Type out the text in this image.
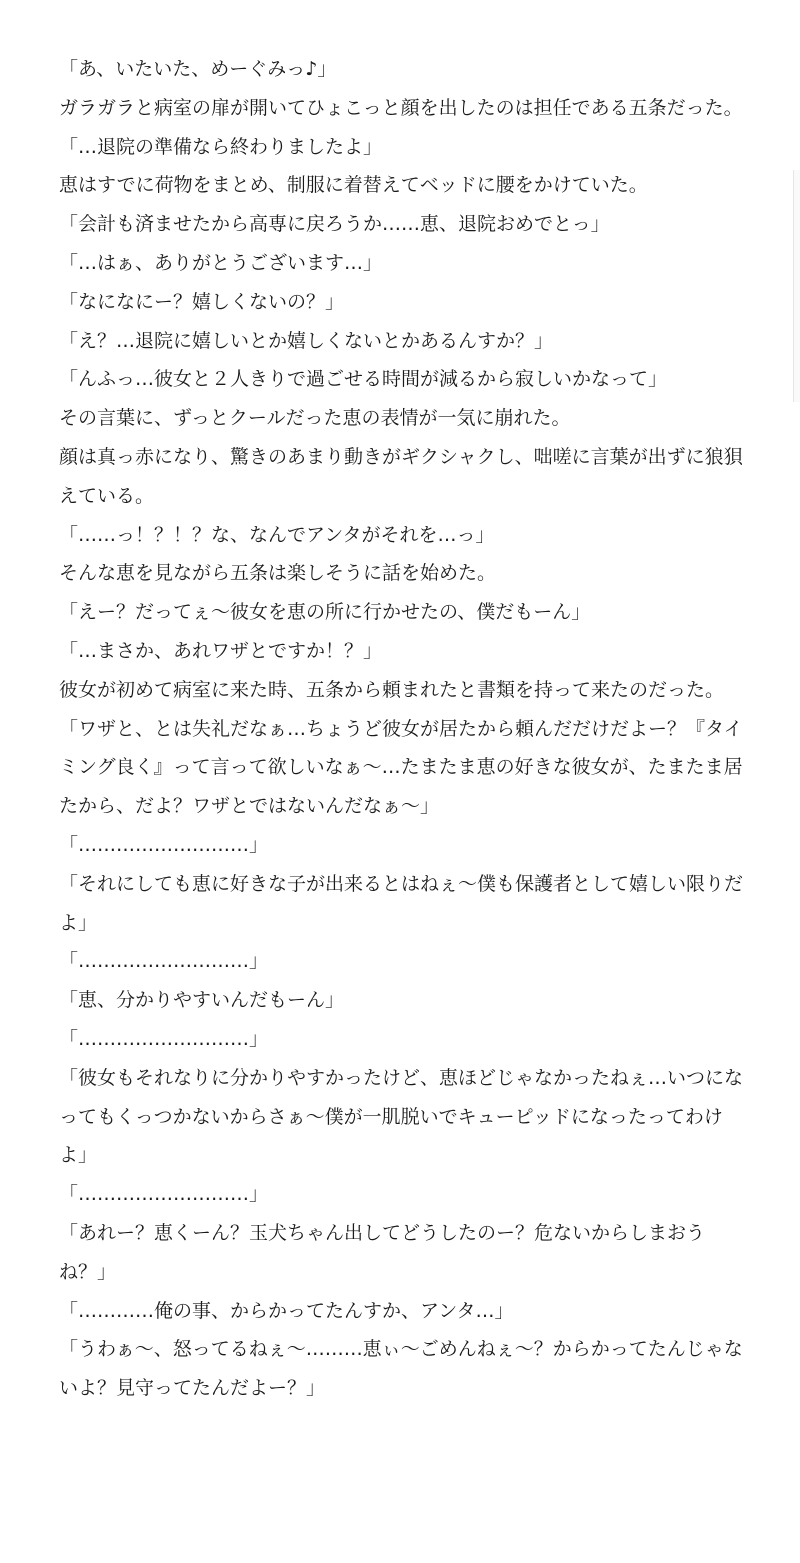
「あ、いたいた、めーぐみっ♪」

ガラガラと病室の扉が開いてひょこっと顔を出したのは担任である五条だった。

「…退院の準備なら終わりましたよ」

恵はすでに荷物をまとめ、制服に着替えてベッドに腰をかけていた。

「会計も済ませたから高専に戻ろうか……恵、退院おめでとっ」

「…はぁ、ありがとうございます…」

「なになにー？嬉しくないの？」

「え？…退院に嬉しいとか嬉しくないとかあるんすか？」

「んふっ…彼女と２人きりで過ごせる時間が減るから寂しいかなって」

その言葉に、ずっとクールだった恵の表情が一気に崩れた。

顔は真っ赤になり、驚きのあまり動きがギクシャクし、咄嗟に言葉が出ずに狼狽えている。

「……っ！？！？な、なんでアンタがそれを…っ」

そんな恵を見ながら五条は楽しそうに話を始めた。

「えー？だってぇ～彼女を恵の所に行かせたの、僕だもーん」

「…まさか、あれワザとですか！？」

彼女が初めて病室に来た時、五条から頼まれたと書類を持って来たのだった。

「ワザと、とは失礼だなぁ…ちょうど彼女が居たから頼んだだけだよー？『タイミング良く』って言って欲しいなぁ～…たまたま恵の好きな彼女が、たまたま居たから、だよ？ワザとではないんだなぁ～」

「………………………」

「それにしても恵に好きな子が出来るとはねぇ～僕も保護者として嬉しい限りだよ」

「………………………」

「恵、分かりやすいんだもーん」

「………………………」

「彼女もそれなりに分かりやすかったけど、恵ほどじゃなかったねぇ…いつになってもくっつかないからさぁ～僕が一肌脱いでキューピッドになったってわけよ」

「………………………」

「あれー？恵くーん？玉犬ちゃん出してどうしたのー？危ないからしまおうね？」

「…………俺の事、からかってたんすか、アンタ…」

「うわぁ～、怒ってるねぇ～………恵ぃ～ごめんねぇ～？からかってたんじゃないよ？見守ってたんだよー？」
